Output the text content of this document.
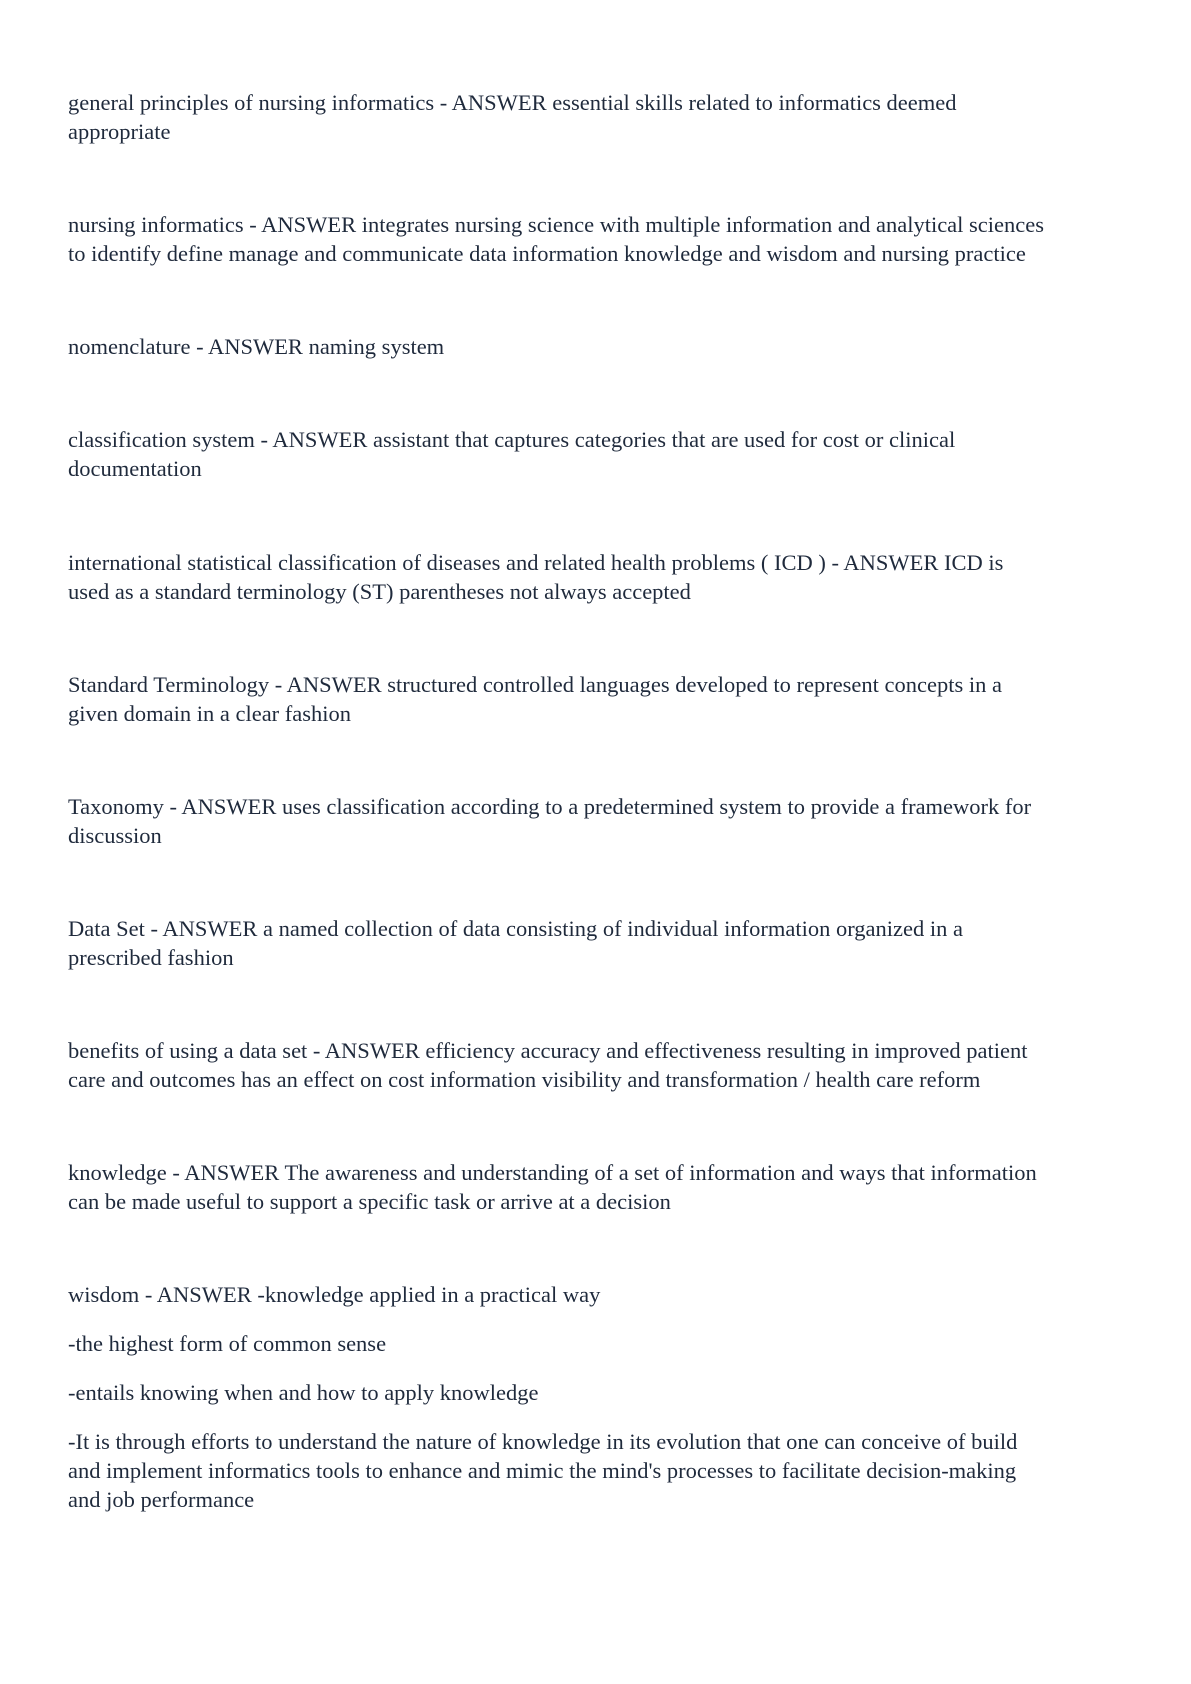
general principles of nursing informatics - ANSWER essential skills related to informatics deemed
appropriate

nursing informatics - ANSWER integrates nursing science with multiple information and analytical sciences
to identify define manage and communicate data information knowledge and wisdom and nursing practice

nomenclature - ANSWER naming system

classification system - ANSWER assistant that captures categories that are used for cost or clinical
documentation

international statistical classification of diseases and related health problems ( ICD ) - ANSWER ICD is
used as a standard terminology (ST) parentheses not always accepted

Standard Terminology - ANSWER structured controlled languages developed to represent concepts in a
given domain in a clear fashion

Taxonomy - ANSWER uses classification according to a predetermined system to provide a framework for
discussion

Data Set - ANSWER a named collection of data consisting of individual information organized in a
prescribed fashion

benefits of using a data set - ANSWER efficiency accuracy and effectiveness resulting in improved patient
care and outcomes has an effect on cost information visibility and transformation / health care reform

knowledge - ANSWER The awareness and understanding of a set of information and ways that information
can be made useful to support a specific task or arrive at a decision

wisdom - ANSWER -knowledge applied in a practical way

-the highest form of common sense

-entails knowing when and how to apply knowledge

-It is through efforts to understand the nature of knowledge in its evolution that one can conceive of build
and implement informatics tools to enhance and mimic the mind's processes to facilitate decision-making
and job performance
